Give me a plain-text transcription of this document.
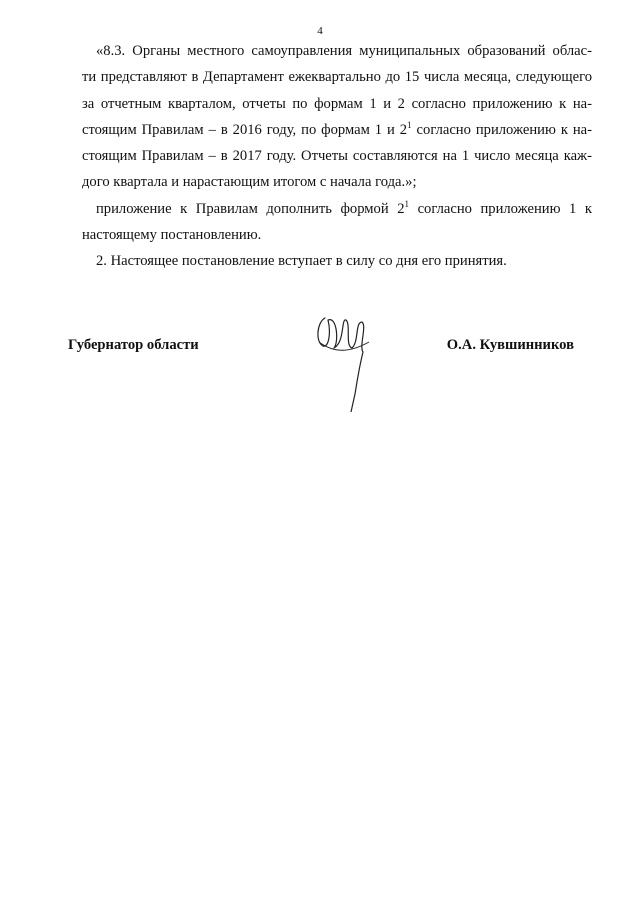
4
«8.3. Органы местного самоуправления муниципальных образований облас-
ти представляют в Департамент ежеквартально до 15 числа месяца, следующего
за отчетным кварталом, отчеты по формам 1 и 2 согласно приложению к на-
стоящим Правилам – в 2016 году, по формам 1 и $2^1$ согласно приложению к на-
стоящим Правилам – в 2017 году. Отчеты составляются на 1 число месяца каж-
дого квартала и нарастающим итогом с начала года.»;
приложение к Правилам дополнить формой $2^1$ согласно приложению 1 к
настоящему постановлению.
2. Настоящее постановление вступает в силу со дня его принятия.
Губернатор области	О.А. Кувшинников
